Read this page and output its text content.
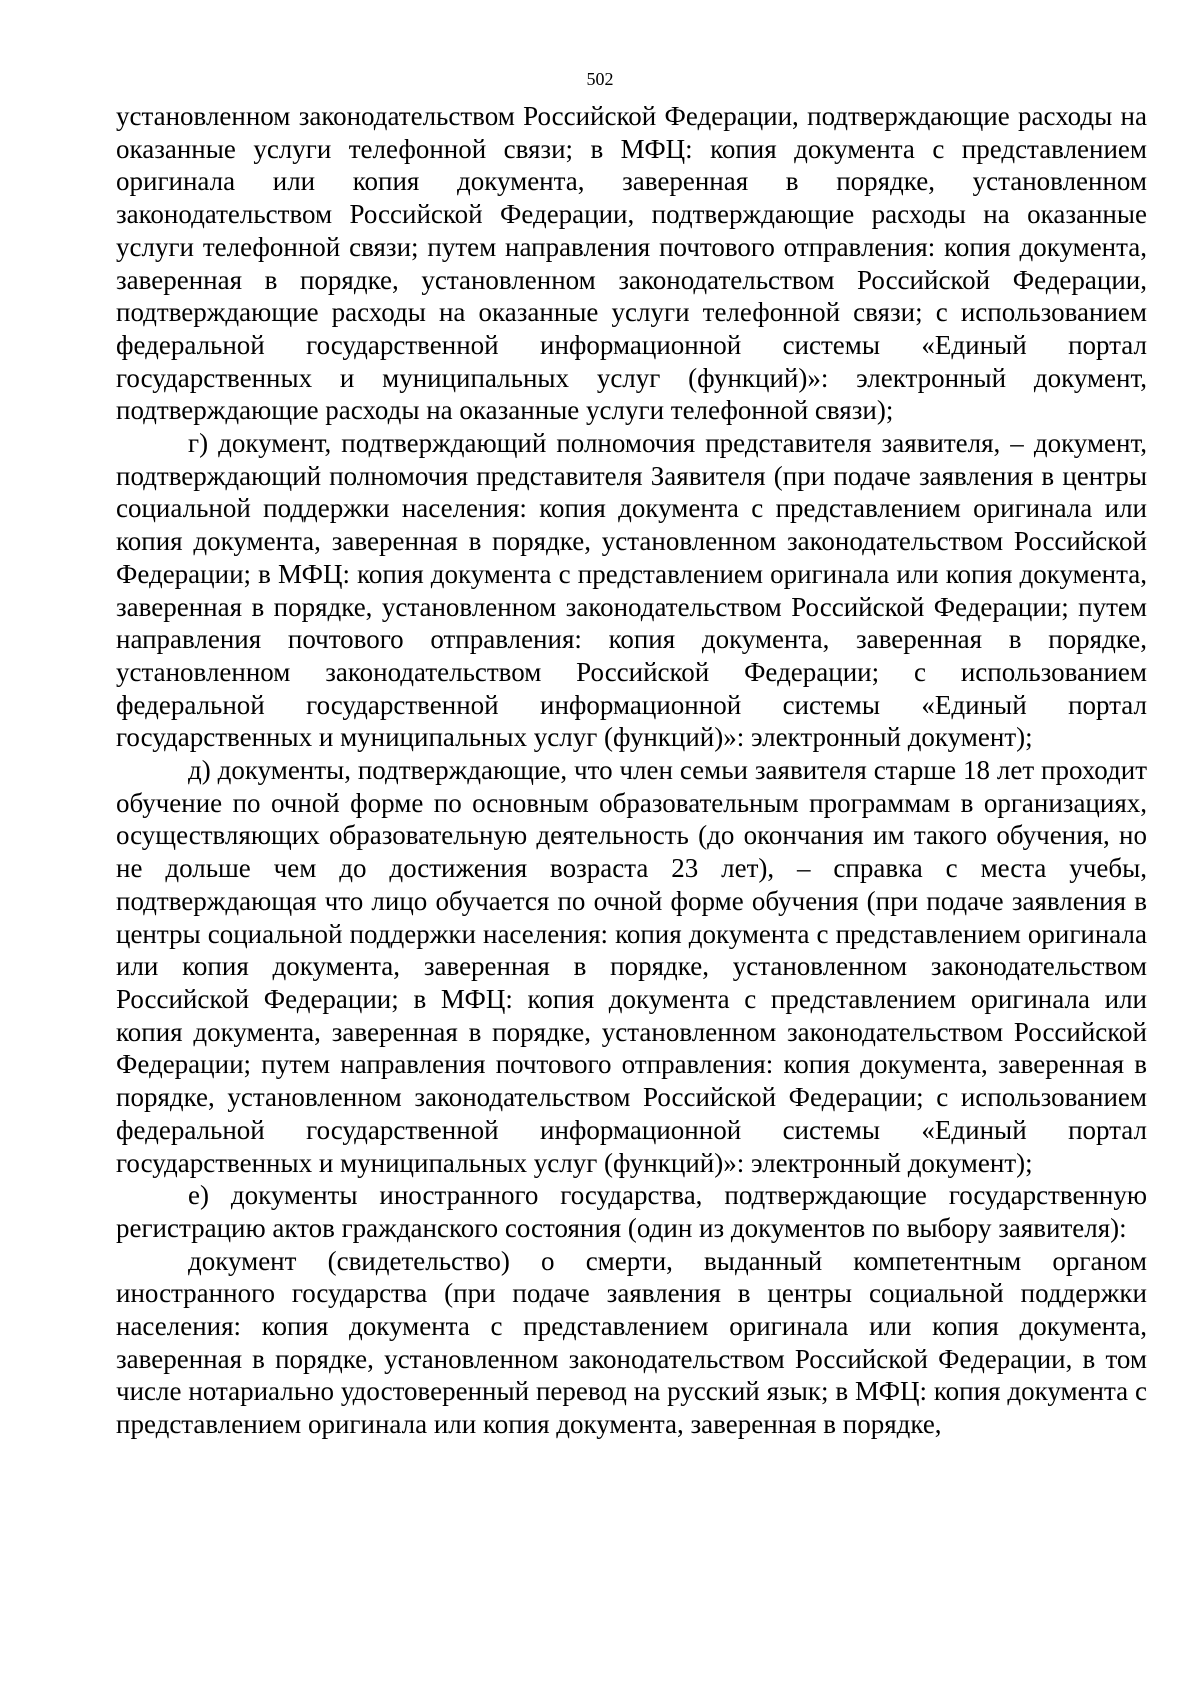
502

установленном законодательством Российской Федерации, подтверждающие расходы на оказанные услуги телефонной связи; в МФЦ: копия документа с представлением оригинала или копия документа, заверенная в порядке, установленном законодательством Российской Федерации, подтверждающие расходы на оказанные услуги телефонной связи; путем направления почтового отправления: копия документа, заверенная в порядке, установленном законодательством Российской Федерации, подтверждающие расходы на оказанные услуги телефонной связи; с использованием федеральной государственной информационной системы «Единый портал государственных и муниципальных услуг (функций)»: электронный документ, подтверждающие расходы на оказанные услуги телефонной связи);

г) документ, подтверждающий полномочия представителя заявителя, – документ, подтверждающий полномочия представителя Заявителя (при подаче заявления в центры социальной поддержки населения: копия документа с представлением оригинала или копия документа, заверенная в порядке, установленном законодательством Российской Федерации; в МФЦ: копия документа с представлением оригинала или копия документа, заверенная в порядке, установленном законодательством Российской Федерации; путем направления почтового отправления: копия документа, заверенная в порядке, установленном законодательством Российской Федерации; с использованием федеральной государственной информационной системы «Единый портал государственных и муниципальных услуг (функций)»: электронный документ);

д) документы, подтверждающие, что член семьи заявителя старше 18 лет проходит обучение по очной форме по основным образовательным программам в организациях, осуществляющих образовательную деятельность (до окончания им такого обучения, но не дольше чем до достижения возраста 23 лет), – справка с места учебы, подтверждающая что лицо обучается по очной форме обучения (при подаче заявления в центры социальной поддержки населения: копия документа с представлением оригинала или копия документа, заверенная в порядке, установленном законодательством Российской Федерации; в МФЦ: копия документа с представлением оригинала или копия документа, заверенная в порядке, установленном законодательством Российской Федерации; путем направления почтового отправления: копия документа, заверенная в порядке, установленном законодательством Российской Федерации; с использованием федеральной государственной информационной системы «Единый портал государственных и муниципальных услуг (функций)»: электронный документ);

е) документы иностранного государства, подтверждающие государственную регистрацию актов гражданского состояния (один из документов по выбору заявителя):

документ (свидетельство) о смерти, выданный компетентным органом иностранного государства (при подаче заявления в центры социальной поддержки населения: копия документа с представлением оригинала или копия документа, заверенная в порядке, установленном законодательством Российской Федерации, в том числе нотариально удостоверенный перевод на русский язык; в МФЦ: копия документа с представлением оригинала или копия документа, заверенная в порядке,
